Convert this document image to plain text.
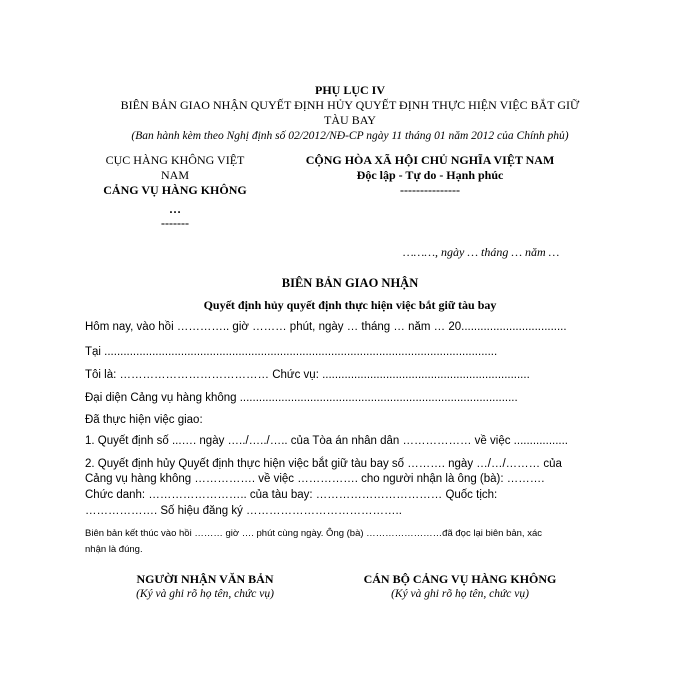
PHỤ LỤC IV
BIÊN BẢN GIAO NHẬN QUYẾT ĐỊNH HỦY QUYẾT ĐỊNH THỰC HIỆN VIỆC BẮT GIỮ
TÀU BAY
(Ban hành kèm theo Nghị định số 02/2012/NĐ-CP ngày 11 tháng 01 năm 2012 của Chính phủ)
CỤC HÀNG KHÔNG VIỆT
NAM
CẢNG VỤ HÀNG KHÔNG
…
-------
CỘNG HÒA XÃ HỘI CHỦ NGHĨA VIỆT NAM
Độc lập - Tự do - Hạnh phúc
---------------
………, ngày … tháng … năm …
BIÊN BẢN GIAO NHẬN
Quyết định hủy quyết định thực hiện việc bắt giữ tàu bay
Hôm nay, vào hồi ………….. giờ ……… phút, ngày … tháng … năm … 20.................................
Tại ...........................................................................................................................
Tôi là: ………………………………… Chức vụ: .................................................................
Đại diện Cảng vụ hàng không .......................................................................................
Đã thực hiện việc giao:
1. Quyết định số ...…. ngày …../…../….. của Tòa án nhân dân ……………… về việc .................
2. Quyết định hủy Quyết định thực hiện việc bắt giữ tàu bay số ………. ngày …/…/……… của
Cảng vụ hàng không ……………. về việc ……………. cho người nhận là ông (bà): ……….
Chức danh: …………………….. của tàu bay: …………………………… Quốc tịch:
………………. Số hiệu đăng ký …………………………………..
Biên bản kết thúc vào hồi ……… giờ …. phút cùng ngày. Ông (bà) ……………………đã đọc lại biên bản, xác
nhận là đúng.
NGƯỜI NHẬN VĂN BẢN
(Ký và ghi rõ họ tên, chức vụ)
CÁN BỘ CẢNG VỤ HÀNG KHÔNG
(Ký và ghi rõ họ tên, chức vụ)
